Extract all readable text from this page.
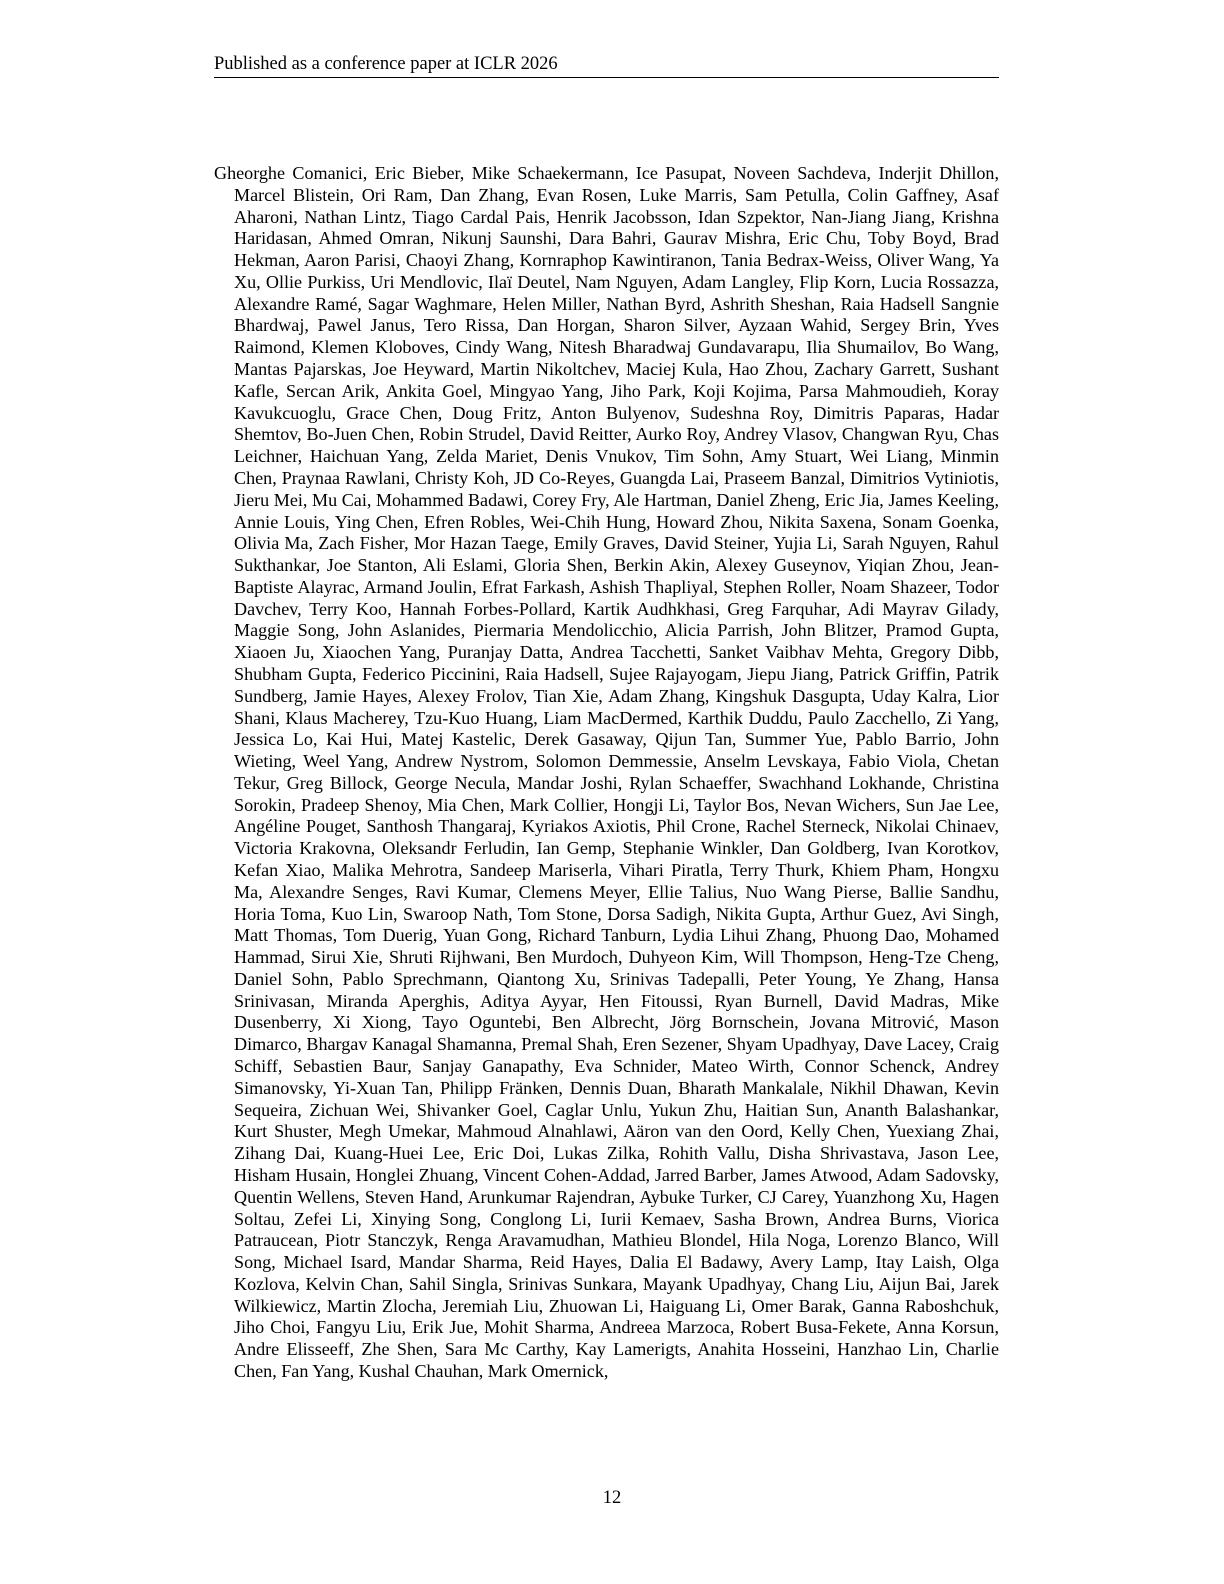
Published as a conference paper at ICLR 2026

Gheorghe Comanici, Eric Bieber, Mike Schaekermann, Ice Pasupat, Noveen Sachdeva, Inderjit Dhillon, Marcel Blistein, Ori Ram, Dan Zhang, Evan Rosen, Luke Marris, Sam Petulla, Colin Gaffney, Asaf Aharoni, Nathan Lintz, Tiago Cardal Pais, Henrik Jacobsson, Idan Szpektor, Nan-Jiang Jiang, Krishna Haridasan, Ahmed Omran, Nikunj Saunshi, Dara Bahri, Gaurav Mishra, Eric Chu, Toby Boyd, Brad Hekman, Aaron Parisi, Chaoyi Zhang, Kornraphop Kawintiranon, Tania Bedrax-Weiss, Oliver Wang, Ya Xu, Ollie Purkiss, Uri Mendlovic, Ilaï Deutel, Nam Nguyen, Adam Langley, Flip Korn, Lucia Rossazza, Alexandre Ramé, Sagar Waghmare, Helen Miller, Nathan Byrd, Ashrith Sheshan, Raia Hadsell Sangnie Bhardwaj, Pawel Janus, Tero Rissa, Dan Horgan, Sharon Silver, Ayzaan Wahid, Sergey Brin, Yves Raimond, Klemen Kloboves, Cindy Wang, Nitesh Bharadwaj Gundavarapu, Ilia Shumailov, Bo Wang, Mantas Pajarskas, Joe Heyward, Martin Nikoltchev, Maciej Kula, Hao Zhou, Zachary Garrett, Sushant Kafle, Sercan Arik, Ankita Goel, Mingyao Yang, Jiho Park, Koji Kojima, Parsa Mahmoudieh, Koray Kavukcuoglu, Grace Chen, Doug Fritz, Anton Bulyenov, Sudeshna Roy, Dimitris Paparas, Hadar Shemtov, Bo-Juen Chen, Robin Strudel, David Reitter, Aurko Roy, Andrey Vlasov, Changwan Ryu, Chas Leichner, Haichuan Yang, Zelda Mariet, Denis Vnukov, Tim Sohn, Amy Stuart, Wei Liang, Minmin Chen, Praynaa Rawlani, Christy Koh, JD Co-Reyes, Guangda Lai, Praseem Banzal, Dimitrios Vytiniotis, Jieru Mei, Mu Cai, Mohammed Badawi, Corey Fry, Ale Hartman, Daniel Zheng, Eric Jia, James Keeling, Annie Louis, Ying Chen, Efren Robles, Wei-Chih Hung, Howard Zhou, Nikita Saxena, Sonam Goenka, Olivia Ma, Zach Fisher, Mor Hazan Taege, Emily Graves, David Steiner, Yujia Li, Sarah Nguyen, Rahul Sukthankar, Joe Stanton, Ali Eslami, Gloria Shen, Berkin Akin, Alexey Guseynov, Yiqian Zhou, Jean-Baptiste Alayrac, Armand Joulin, Efrat Farkash, Ashish Thapliyal, Stephen Roller, Noam Shazeer, Todor Davchev, Terry Koo, Hannah Forbes-Pollard, Kartik Audhkhasi, Greg Farquhar, Adi Mayrav Gilady, Maggie Song, John Aslanides, Piermaria Mendolicchio, Alicia Parrish, John Blitzer, Pramod Gupta, Xiaoen Ju, Xiaochen Yang, Puranjay Datta, Andrea Tacchetti, Sanket Vaibhav Mehta, Gregory Dibb, Shubham Gupta, Federico Piccinini, Raia Hadsell, Sujee Rajayogam, Jiepu Jiang, Patrick Griffin, Patrik Sundberg, Jamie Hayes, Alexey Frolov, Tian Xie, Adam Zhang, Kingshuk Dasgupta, Uday Kalra, Lior Shani, Klaus Macherey, Tzu-Kuo Huang, Liam MacDermed, Karthik Duddu, Paulo Zacchello, Zi Yang, Jessica Lo, Kai Hui, Matej Kastelic, Derek Gasaway, Qijun Tan, Summer Yue, Pablo Barrio, John Wieting, Weel Yang, Andrew Nystrom, Solomon Demmessie, Anselm Levskaya, Fabio Viola, Chetan Tekur, Greg Billock, George Necula, Mandar Joshi, Rylan Schaeffer, Swachhand Lokhande, Christina Sorokin, Pradeep Shenoy, Mia Chen, Mark Collier, Hongji Li, Taylor Bos, Nevan Wichers, Sun Jae Lee, Angéline Pouget, Santhosh Thangaraj, Kyriakos Axiotis, Phil Crone, Rachel Sterneck, Nikolai Chinaev, Victoria Krakovna, Oleksandr Ferludin, Ian Gemp, Stephanie Winkler, Dan Goldberg, Ivan Korotkov, Kefan Xiao, Malika Mehrotra, Sandeep Mariserla, Vihari Piratla, Terry Thurk, Khiem Pham, Hongxu Ma, Alexandre Senges, Ravi Kumar, Clemens Meyer, Ellie Talius, Nuo Wang Pierse, Ballie Sandhu, Horia Toma, Kuo Lin, Swaroop Nath, Tom Stone, Dorsa Sadigh, Nikita Gupta, Arthur Guez, Avi Singh, Matt Thomas, Tom Duerig, Yuan Gong, Richard Tanburn, Lydia Lihui Zhang, Phuong Dao, Mohamed Hammad, Sirui Xie, Shruti Rijhwani, Ben Murdoch, Duhyeon Kim, Will Thompson, Heng-Tze Cheng, Daniel Sohn, Pablo Sprechmann, Qiantong Xu, Srinivas Tadepalli, Peter Young, Ye Zhang, Hansa Srinivasan, Miranda Aperghis, Aditya Ayyar, Hen Fitoussi, Ryan Burnell, David Madras, Mike Dusenberry, Xi Xiong, Tayo Oguntebi, Ben Albrecht, Jörg Bornschein, Jovana Mitrović, Mason Dimarco, Bhargav Kanagal Shamanna, Premal Shah, Eren Sezener, Shyam Upadhyay, Dave Lacey, Craig Schiff, Sebastien Baur, Sanjay Ganapathy, Eva Schnider, Mateo Wirth, Connor Schenck, Andrey Simanovsky, Yi-Xuan Tan, Philipp Fränken, Dennis Duan, Bharath Mankalale, Nikhil Dhawan, Kevin Sequeira, Zichuan Wei, Shivanker Goel, Caglar Unlu, Yukun Zhu, Haitian Sun, Ananth Balashankar, Kurt Shuster, Megh Umekar, Mahmoud Alnahlawi, Aäron van den Oord, Kelly Chen, Yuexiang Zhai, Zihang Dai, Kuang-Huei Lee, Eric Doi, Lukas Zilka, Rohith Vallu, Disha Shrivastava, Jason Lee, Hisham Husain, Honglei Zhuang, Vincent Cohen-Addad, Jarred Barber, James Atwood, Adam Sadovsky, Quentin Wellens, Steven Hand, Arunkumar Rajendran, Aybuke Turker, CJ Carey, Yuanzhong Xu, Hagen Soltau, Zefei Li, Xinying Song, Conglong Li, Iurii Kemaev, Sasha Brown, Andrea Burns, Viorica Patraucean, Piotr Stanczyk, Renga Aravamudhan, Mathieu Blondel, Hila Noga, Lorenzo Blanco, Will Song, Michael Isard, Mandar Sharma, Reid Hayes, Dalia El Badawy, Avery Lamp, Itay Laish, Olga Kozlova, Kelvin Chan, Sahil Singla, Srinivas Sunkara, Mayank Upadhyay, Chang Liu, Aijun Bai, Jarek Wilkiewicz, Martin Zlocha, Jeremiah Liu, Zhuowan Li, Haiguang Li, Omer Barak, Ganna Raboshchuk, Jiho Choi, Fangyu Liu, Erik Jue, Mohit Sharma, Andreea Marzoca, Robert Busa-Fekete, Anna Korsun, Andre Elisseeff, Zhe Shen, Sara Mc Carthy, Kay Lamerigts, Anahita Hosseini, Hanzhao Lin, Charlie Chen, Fan Yang, Kushal Chauhan, Mark Omernick,

12
